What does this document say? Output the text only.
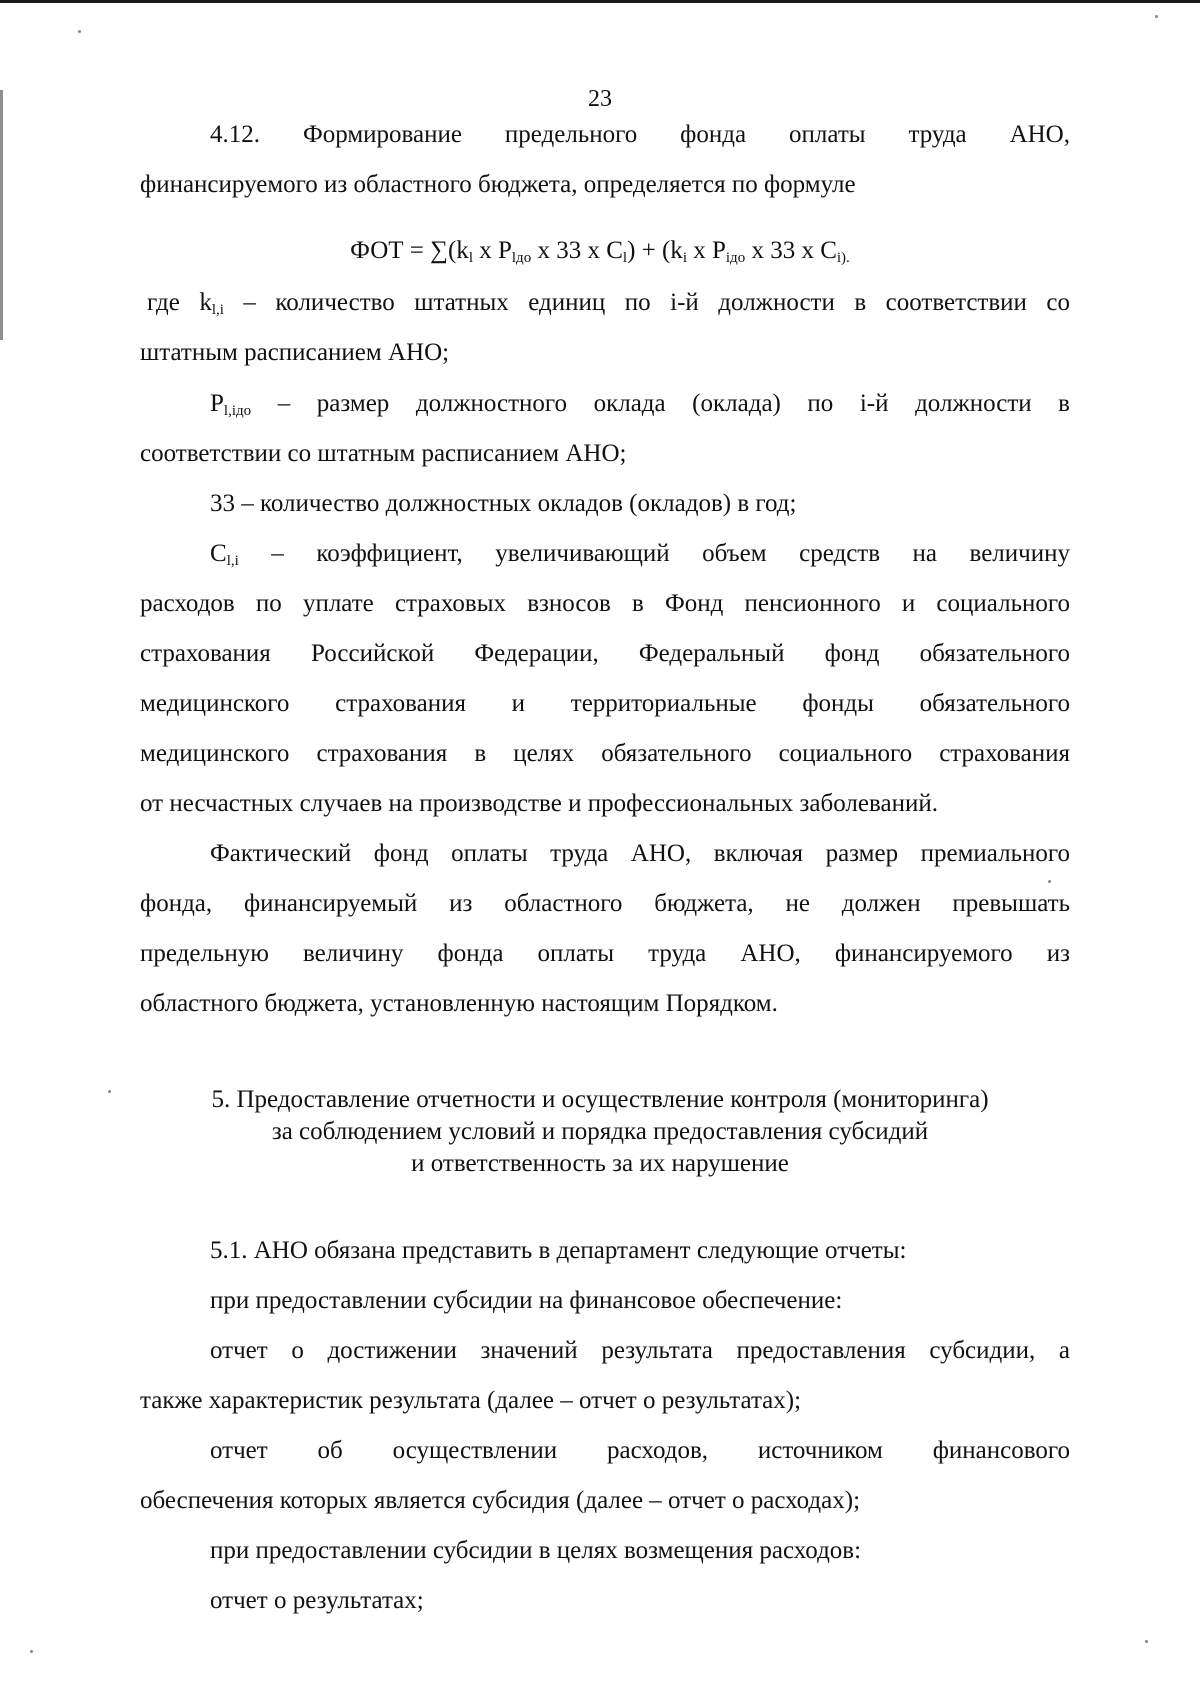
23
4.12. Формирование предельного фонда оплаты труда АНО,
финансируемого из областного бюджета, определяется по формуле
ФОТ = $\sum(k_l$ х $P_{lдо}$ х 33 х $C_l) + (k_i$ х $P_{iдо}$ х 33 х $C_{i).}$
где $k_{l,i}$ – количество штатных единиц по i-й должности в соответствии со
штатным расписанием АНО;
$P_{l,iдо}$ – размер должностного оклада (оклада) по i-й должности в
соответствии со штатным расписанием АНО;
33 – количество должностных окладов (окладов) в год;
$C_{l,i}$ – коэффициент, увеличивающий объем средств на величину
расходов по уплате страховых взносов в Фонд пенсионного и социального
страхования Российской Федерации, Федеральный фонд обязательного
медицинского страхования и территориальные фонды обязательного
медицинского страхования в целях обязательного социального страхования
от несчастных случаев на производстве и профессиональных заболеваний.
Фактический фонд оплаты труда АНО, включая размер премиального
фонда, финансируемый из областного бюджета, не должен превышать
предельную величину фонда оплаты труда АНО, финансируемого из
областного бюджета, установленную настоящим Порядком.
5. Предоставление отчетности и осуществление контроля (мониторинга)
за соблюдением условий и порядка предоставления субсидий
и ответственность за их нарушение
5.1. АНО обязана представить в департамент следующие отчеты:
при предоставлении субсидии на финансовое обеспечение:
отчет о достижении значений результата предоставления субсидии, а
также характеристик результата (далее – отчет о результатах);
отчет об осуществлении расходов, источником финансового
обеспечения которых является субсидия (далее – отчет о расходах);
при предоставлении субсидии в целях возмещения расходов:
отчет о результатах;
